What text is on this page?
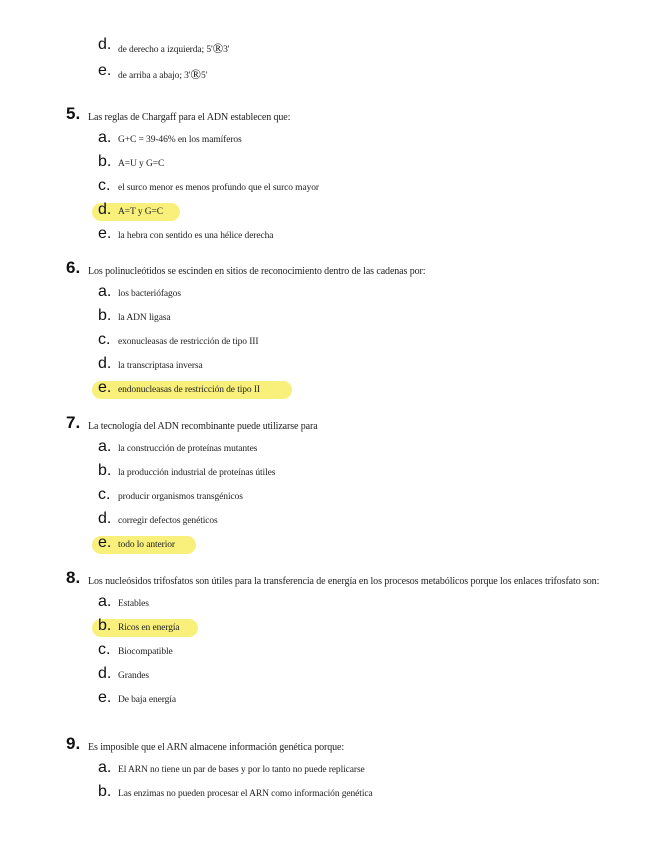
d. de derecho a izquierda; 5'®3'
e. de arriba a abajo; 3'®5'
5. Las reglas de Chargaff para el ADN establecen que:
a. G+C = 39-46% en los mamíferos
b. A=U y G=C
c. el surco menor es menos profundo que el surco mayor
d. A=T y G=C
e. la hebra con sentido es una hélice derecha
6. Los polinucleótidos se escinden en sitios de reconocimiento dentro de las cadenas por:
a. los bacteriófagos
b. la ADN ligasa
c. exonucleasas de restricción de tipo III
d. la transcriptasa inversa
e. endonucleasas de restricción de tipo II
7. La tecnología del ADN recombinante puede utilizarse para
a. la construcción de proteínas mutantes
b. la producción industrial de proteínas útiles
c. producir organismos transgénicos
d. corregir defectos genéticos
e. todo lo anterior
8. Los nucleósidos trifosfatos son útiles para la transferencia de energía en los procesos metabólicos porque los enlaces trifosfato son:
a. Estables
b. Ricos en energía
c. Biocompatible
d. Grandes
e. De baja energía
9. Es imposible que el ARN almacene información genética porque:
a. El ARN no tiene un par de bases y por lo tanto no puede replicarse
b. Las enzimas no pueden procesar el ARN como información genética
